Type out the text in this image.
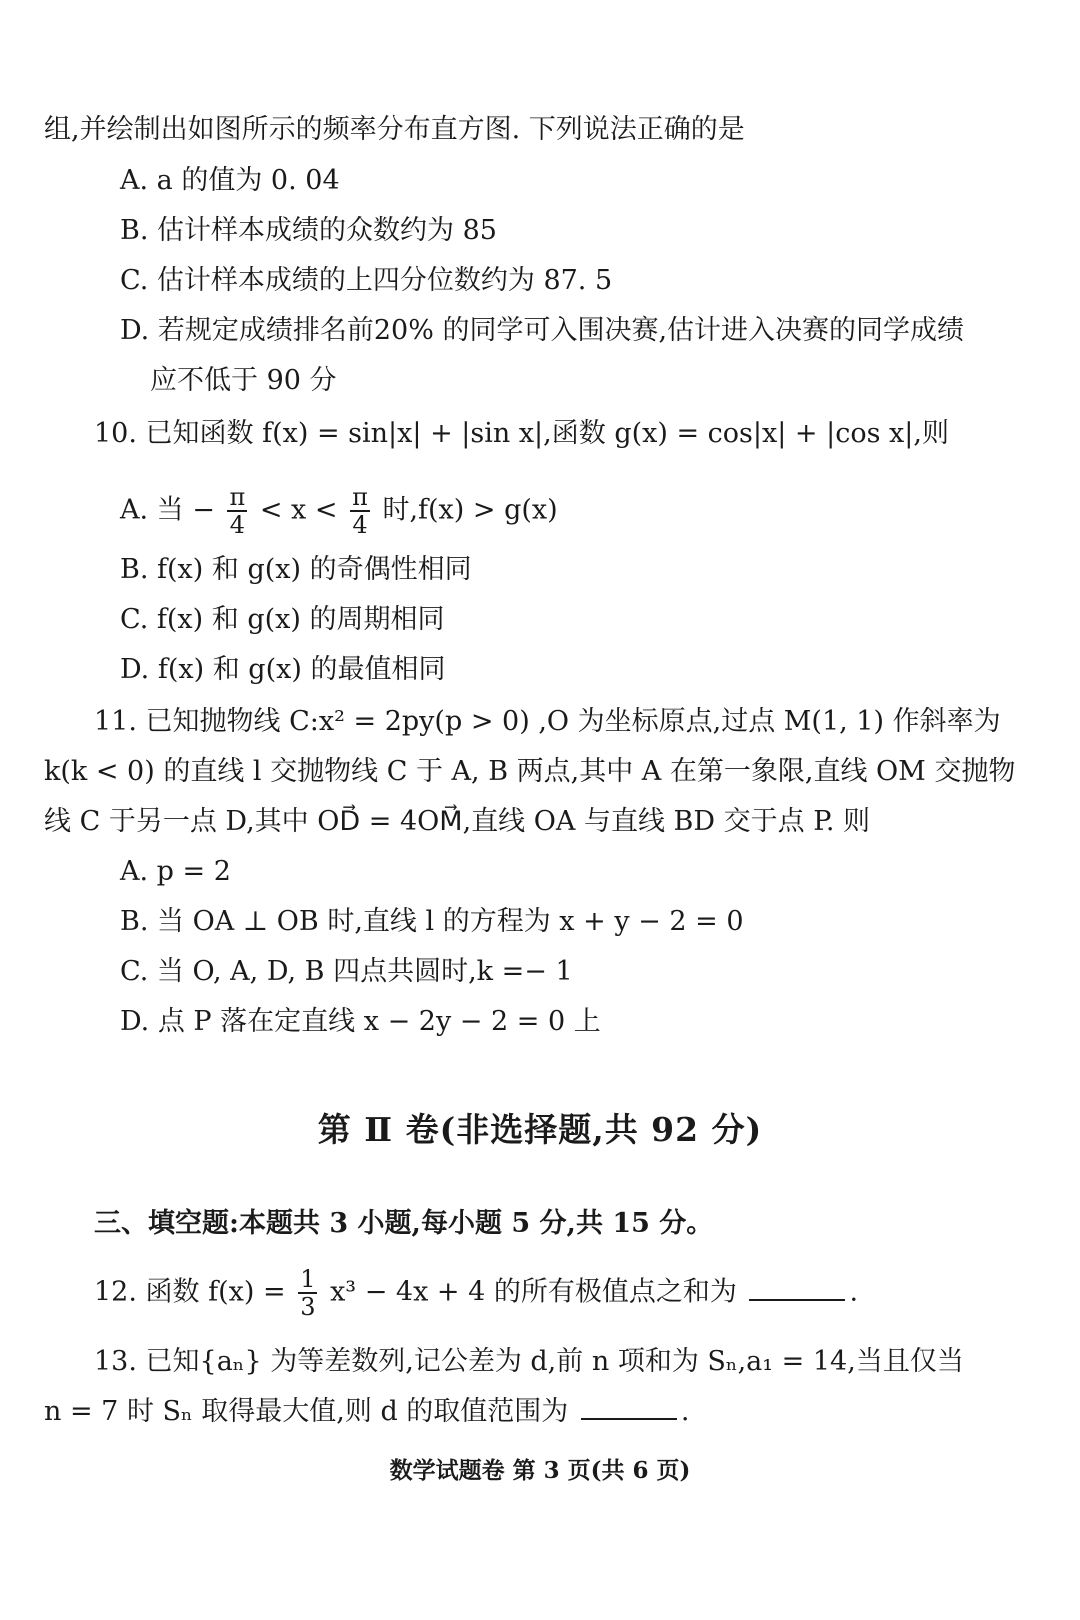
组,并绘制出如图所示的频率分布直方图. 下列说法正确的是
A. a 的值为 0. 04
B. 估计样本成绩的众数约为 85
C. 估计样本成绩的上四分位数约为 87. 5
D. 若规定成绩排名前20% 的同学可入围决赛,估计进入决赛的同学成绩
应不低于 90 分
10. 已知函数 f(x) = sin|x| + |sin x|,函数 g(x) = cos|x| + |cos x|,则
A. 当 − $\frac{\pi}{4} < x < \frac{\pi}{4}$ 时,f(x) > g(x)
B. f(x) 和 g(x) 的奇偶性相同
C. f(x) 和 g(x) 的周期相同
D. f(x) 和 g(x) 的最值相同
11. 已知抛物线 C:x² = 2py(p > 0) ,O 为坐标原点,过点 M(1, 1) 作斜率为
k(k < 0) 的直线 l 交抛物线 C 于 A, B 两点,其中 A 在第一象限,直线 OM 交抛物
线 C 于另一点 D,其中 OD⃗ = 4OM⃗,直线 OA 与直线 BD 交于点 P. 则
A. p = 2
B. 当 OA ⊥ OB 时,直线 l 的方程为 x + y − 2 = 0
C. 当 O, A, D, B 四点共圆时,k =− 1
D. 点 P 落在定直线 x − 2y − 2 = 0 上
第 Ⅱ 卷(非选择题,共 92 分)
三、填空题:本题共 3 小题,每小题 5 分,共 15 分。
12. 函数 $f(x) = \frac{1}{3} x^3 - 4x + 4$ 的所有极值点之和为	.
13. 已知{aₙ} 为等差数列,记公差为 d,前 n 项和为 Sₙ,a₁ = 14,当且仅当
n = 7 时 Sₙ 取得最大值,则 d 的取值范围为	.
数学试题卷 第 3 页(共 6 页)
